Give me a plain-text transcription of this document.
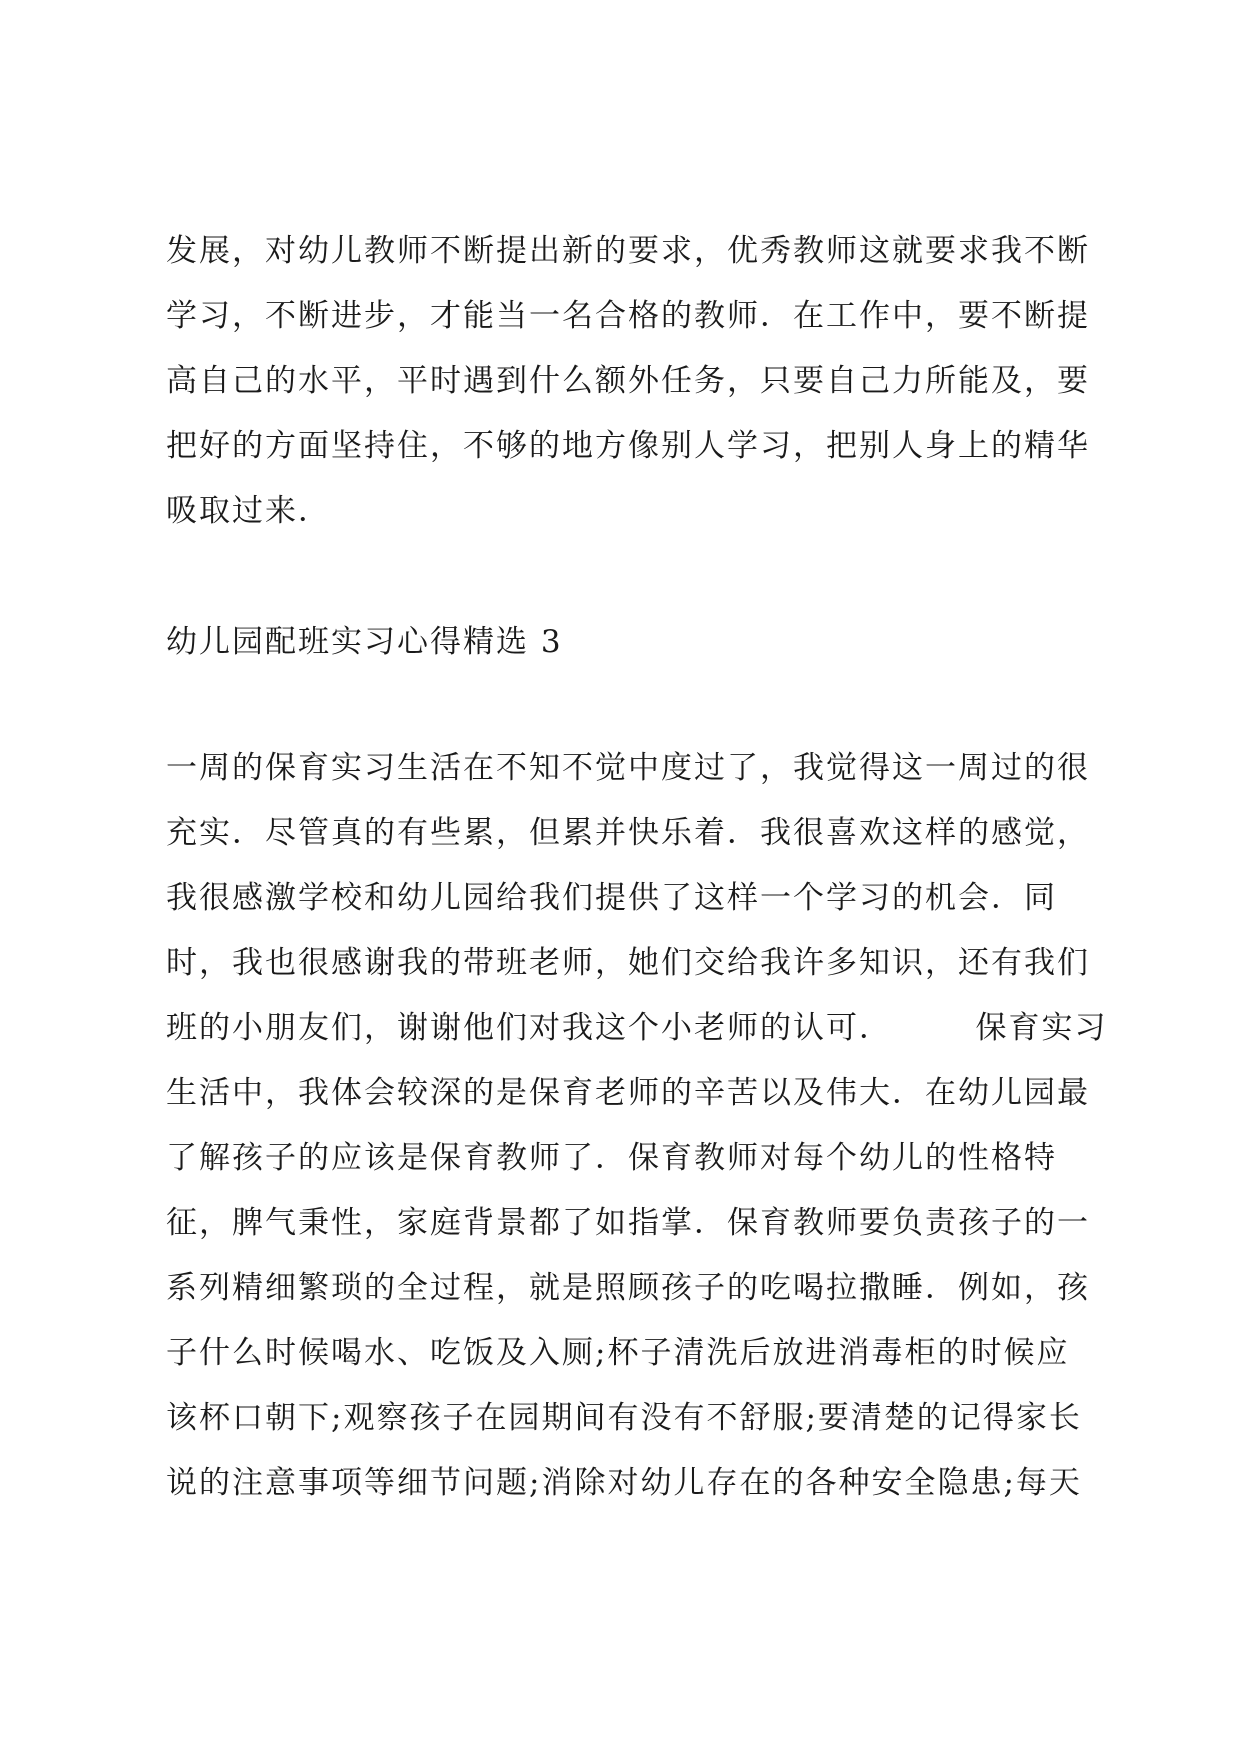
发展，对幼儿教师不断提出新的要求，优秀教师这就要求我不断
学习，不断进步，才能当一名合格的教师．在工作中，要不断提
高自己的水平，平时遇到什么额外任务，只要自己力所能及，要
把好的方面坚持住，不够的地方像别人学习，把别人身上的精华
吸取过来．
幼儿园配班实习心得精选 3
一周的保育实习生活在不知不觉中度过了，我觉得这一周过的很
充实．尽管真的有些累，但累并快乐着．我很喜欢这样的感觉，
我很感激学校和幼儿园给我们提供了这样一个学习的机会．同
时，我也很感谢我的带班老师，她们交给我许多知识，还有我们
班的小朋友们，谢谢他们对我这个小老师的认可．　　　保育实习
生活中，我体会较深的是保育老师的辛苦以及伟大．在幼儿园最
了解孩子的应该是保育教师了．保育教师对每个幼儿的性格特
征，脾气秉性，家庭背景都了如指掌．保育教师要负责孩子的一
系列精细繁琐的全过程，就是照顾孩子的吃喝拉撒睡．例如，孩
子什么时候喝水、吃饭及入厕;杯子清洗后放进消毒柜的时候应
该杯口朝下;观察孩子在园期间有没有不舒服;要清楚的记得家长
说的注意事项等细节问题;消除对幼儿存在的各种安全隐患;每天
